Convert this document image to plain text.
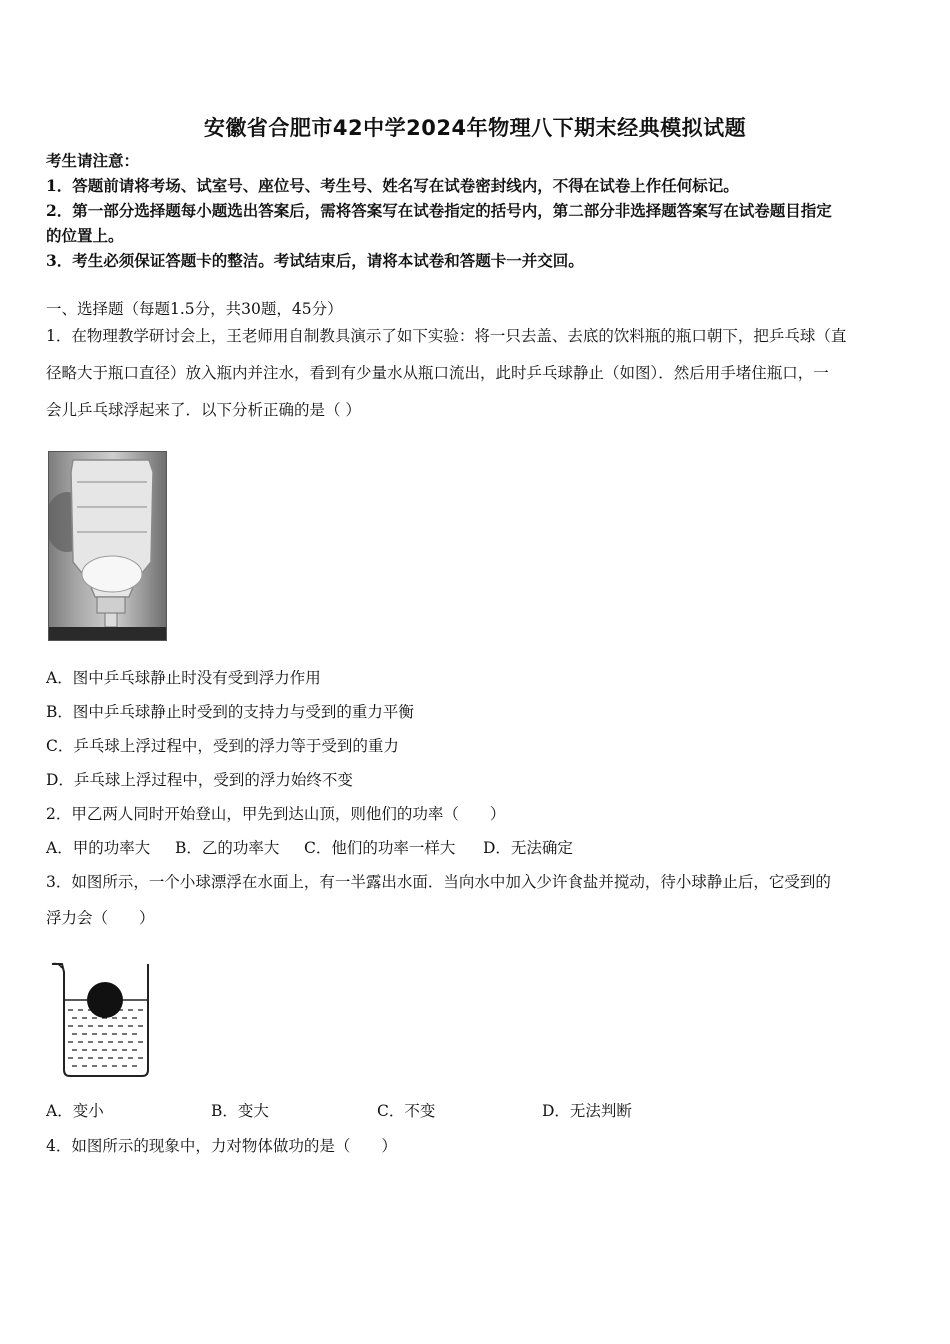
安徽省合肥市42中学2024年物理八下期末经典模拟试题
考生请注意：
1．答题前请将考场、试室号、座位号、考生号、姓名写在试卷密封线内，不得在试卷上作任何标记。
2．第一部分选择题每小题选出答案后，需将答案写在试卷指定的括号内，第二部分非选择题答案写在试卷题目指定
的位置上。
3．考生必须保证答题卡的整洁。考试结束后，请将本试卷和答题卡一并交回。
一、选择题（每题1.5分，共30题，45分）
1．在物理教学研讨会上，王老师用自制教具演示了如下实验：将一只去盖、去底的饮料瓶的瓶口朝下，把乒乓球（直
径略大于瓶口直径）放入瓶内并注水，看到有少量水从瓶口流出，此时乒乓球静止（如图）．然后用手堵住瓶口，一
会儿乒乓球浮起来了．以下分析正确的是（ ）
A．图中乒乓球静止时没有受到浮力作用
B．图中乒乓球静止时受到的支持力与受到的重力平衡
C．乒乓球上浮过程中，受到的浮力等于受到的重力
D．乒乓球上浮过程中，受到的浮力始终不变
2．甲乙两人同时开始登山，甲先到达山顶，则他们的功率（　　）
A．甲的功率大 B．乙的功率大 C．他们的功率一样大 D．无法确定
3．如图所示，一个小球漂浮在水面上，有一半露出水面．当向水中加入少许食盐并搅动，待小球静止后，它受到的
浮力会（　　）
A．变小	B．变大	C．不变	D．无法判断
4．如图所示的现象中，力对物体做功的是（　　）
